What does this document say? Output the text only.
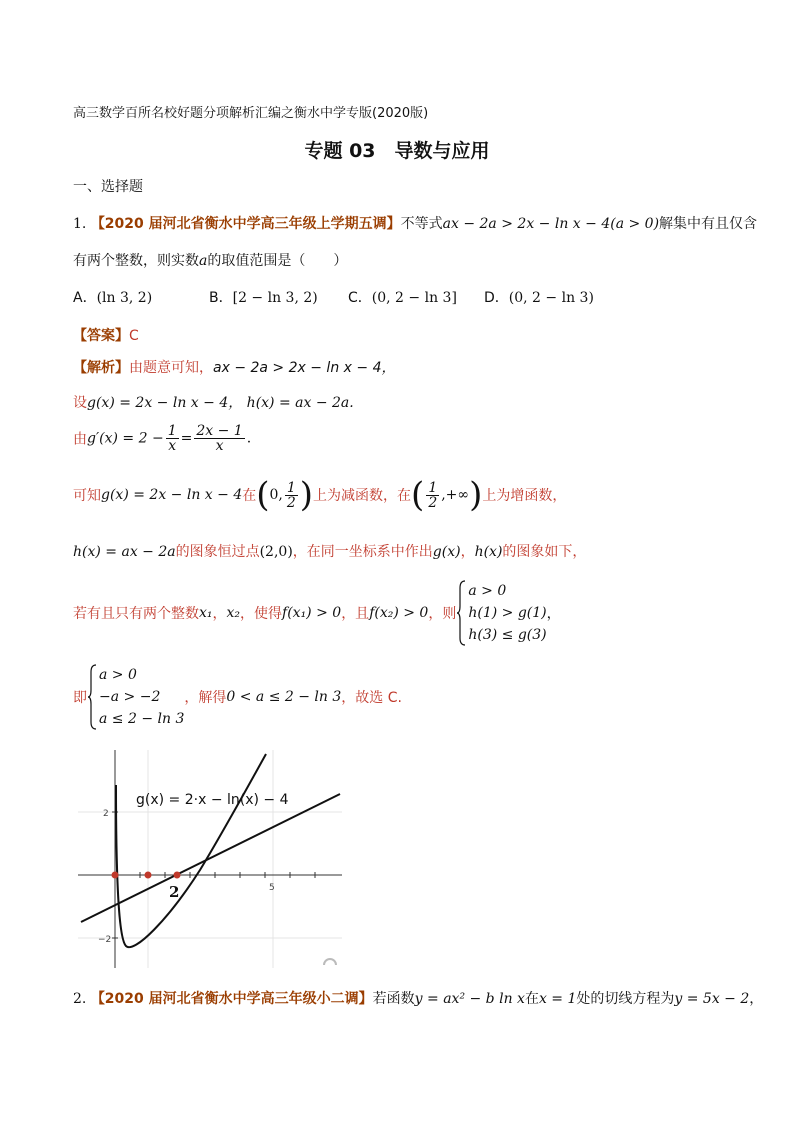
高三数学百所名校好题分项解析汇编之衡水中学专版(2020版)
专题 03　导数与应用
一、选择题
1. 【2020 届河北省衡水中学高三年级上学期五调】不等式ax − 2a > 2x − ln x − 4(a > 0)解集中有且仅含
有两个整数，则实数a的取值范围是（　　）
A．(ln 3, 2)	B．[2 − ln 3, 2) C．(0, 2 − ln 3] D．(0, 2 − ln 3)
【答案】C
【解析】由题意可知，ax − 2a > 2x − ln x − 4，
设g(x) = 2x − ln x − 4， h(x) = ax − 2a.
由$g'(x) = 2 - \frac{1}{x} = \frac{2x - 1}{x}$ .
可知g(x) = 2x − ln x − 4在(0, $\frac{1}{2}$ )上为减函数，在( $\frac{1}{2}$ ,+∞)上为增函数，
h(x) = ax − 2a的图象恒过点(2,0)，在同一坐标系中作出g(x)，h(x)的图象如下，
若有且只有两个整数x₁，x₂，使得f(x₁) > 0，且f(x₂) > 0，则
a > 0
h(1) > g(1)
h(3) ≤ g(3)
，
即
a > 0
−a > −2
a ≤ 2 − ln 3
，解得0 < a ≤ 2 − ln 3，故选 C.
2
−2
5
2
g(x) = 2·x − ln(x) − 4
2. 【2020 届河北省衡水中学高三年级小二调】若函数y = ax² − b ln x在x = 1处的切线方程为y = 5x − 2，
